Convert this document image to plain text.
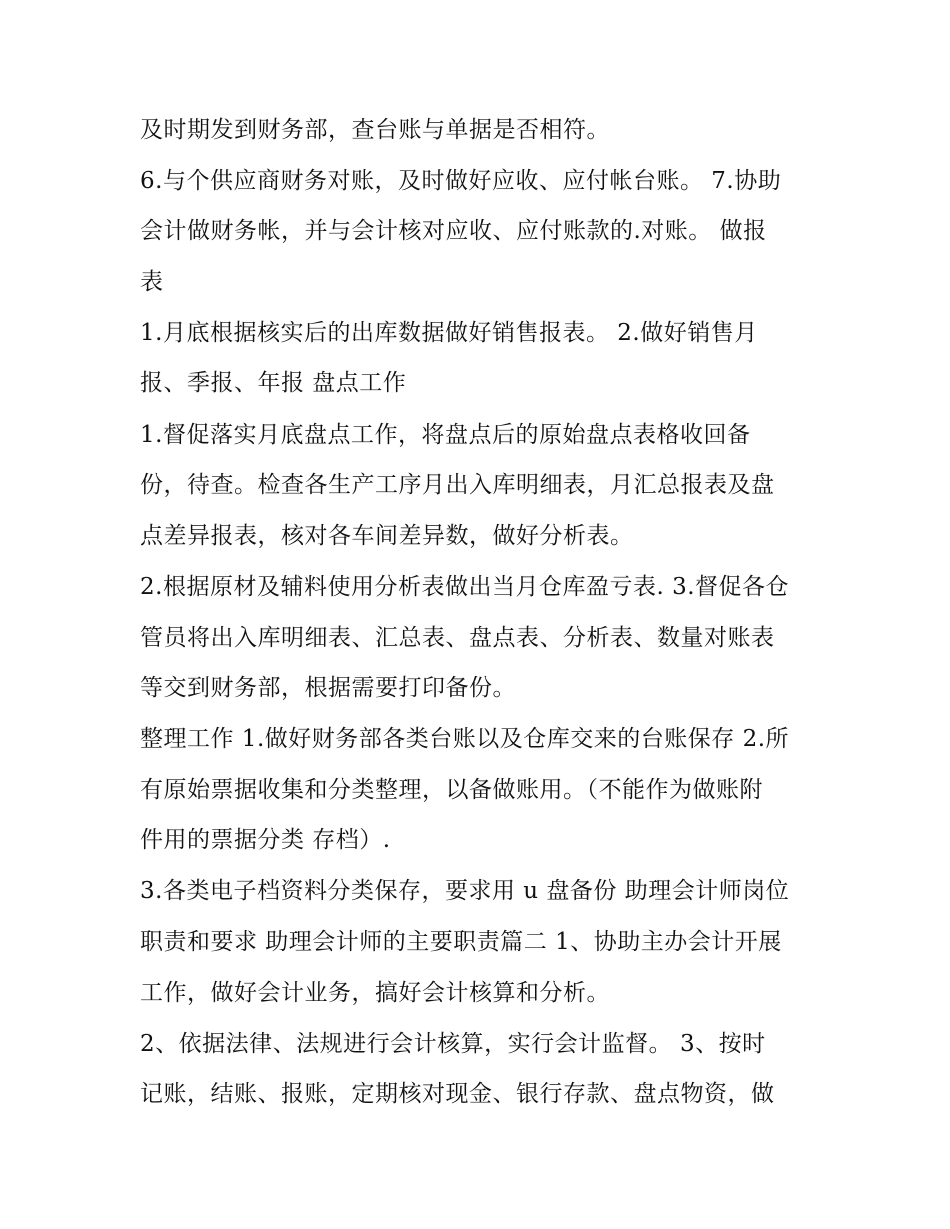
及时期发到财务部，查台账与单据是否相符。
6.与个供应商财务对账，及时做好应收、应付帐台账。 7.协助
会计做财务帐，并与会计核对应收、应付账款的.对账。 做报
表
1.月底根据核实后的出库数据做好销售报表。 2.做好销售月
报、季报、年报 盘点工作
1.督促落实月底盘点工作，将盘点后的原始盘点表格收回备
份，待查。检查各生产工序月出入库明细表，月汇总报表及盘
点差异报表，核对各车间差异数，做好分析表。
2.根据原材及辅料使用分析表做出当月仓库盈亏表. 3.督促各仓
管员将出入库明细表、汇总表、盘点表、分析表、数量对账表
等交到财务部，根据需要打印备份。
整理工作 1.做好财务部各类台账以及仓库交来的台账保存 2.所
有原始票据收集和分类整理，以备做账用。（不能作为做账附
件用的票据分类 存档）.
3.各类电子档资料分类保存，要求用 u 盘备份 助理会计师岗位
职责和要求 助理会计师的主要职责篇二 1、协助主办会计开展
工作，做好会计业务，搞好会计核算和分析。
2、依据法律、法规进行会计核算，实行会计监督。 3、按时
记账，结账、报账，定期核对现金、银行存款、盘点物资，做
